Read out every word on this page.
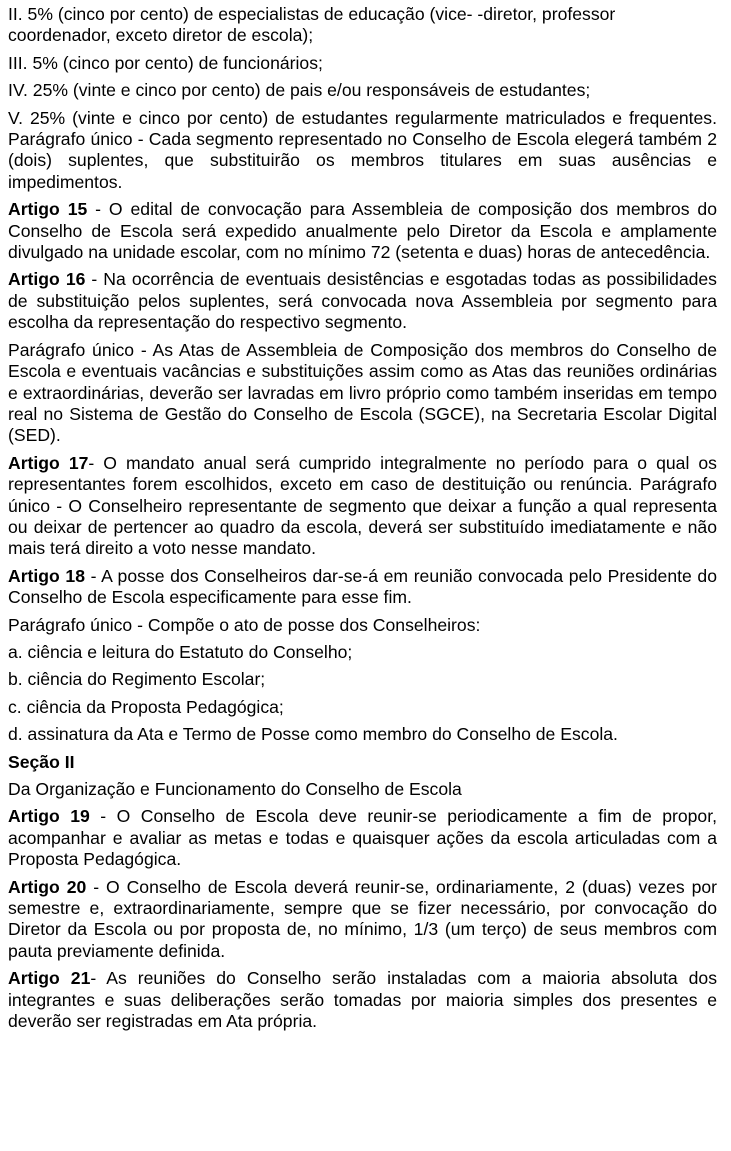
II. 5% (cinco por cento) de especialistas de educação (vice- -diretor, professor coordenador, exceto diretor de escola);

III. 5% (cinco por cento) de funcionários;

IV. 25% (vinte e cinco por cento) de pais e/ou responsáveis de estudantes;

V. 25% (vinte e cinco por cento) de estudantes regularmente matriculados e frequentes. Parágrafo único - Cada segmento representado no Conselho de Escola elegerá também 2 (dois) suplentes, que substituirão os membros titulares em suas ausências e impedimentos.

Artigo 15 - O edital de convocação para Assembleia de composição dos membros do Conselho de Escola será expedido anualmente pelo Diretor da Escola e amplamente divulgado na unidade escolar, com no mínimo 72 (setenta e duas) horas de antecedência.

Artigo 16 - Na ocorrência de eventuais desistências e esgotadas todas as possibilidades de substituição pelos suplentes, será convocada nova Assembleia por segmento para escolha da representação do respectivo segmento.

Parágrafo único - As Atas de Assembleia de Composição dos membros do Conselho de Escola e eventuais vacâncias e substituições assim como as Atas das reuniões ordinárias e extraordinárias, deverão ser lavradas em livro próprio como também inseridas em tempo real no Sistema de Gestão do Conselho de Escola (SGCE), na Secretaria Escolar Digital (SED).

Artigo 17- O mandato anual será cumprido integralmente no período para o qual os representantes forem escolhidos, exceto em caso de destituição ou renúncia. Parágrafo único - O Conselheiro representante de segmento que deixar a função a qual representa ou deixar de pertencer ao quadro da escola, deverá ser substituído imediatamente e não mais terá direito a voto nesse mandato.

Artigo 18 - A posse dos Conselheiros dar-se-á em reunião convocada pelo Presidente do Conselho de Escola especificamente para esse fim.

Parágrafo único - Compõe o ato de posse dos Conselheiros:

a. ciência e leitura do Estatuto do Conselho;

b. ciência do Regimento Escolar;

c. ciência da Proposta Pedagógica;

d. assinatura da Ata e Termo de Posse como membro do Conselho de Escola.

Seção II

Da Organização e Funcionamento do Conselho de Escola

Artigo 19 - O Conselho de Escola deve reunir-se periodicamente a fim de propor, acompanhar e avaliar as metas e todas e quaisquer ações da escola articuladas com a Proposta Pedagógica.

Artigo 20 - O Conselho de Escola deverá reunir-se, ordinariamente, 2 (duas) vezes por semestre e, extraordinariamente, sempre que se fizer necessário, por convocação do Diretor da Escola ou por proposta de, no mínimo, 1/3 (um terço) de seus membros com pauta previamente definida.

Artigo 21- As reuniões do Conselho serão instaladas com a maioria absoluta dos integrantes e suas deliberações serão tomadas por maioria simples dos presentes e deverão ser registradas em Ata própria.
